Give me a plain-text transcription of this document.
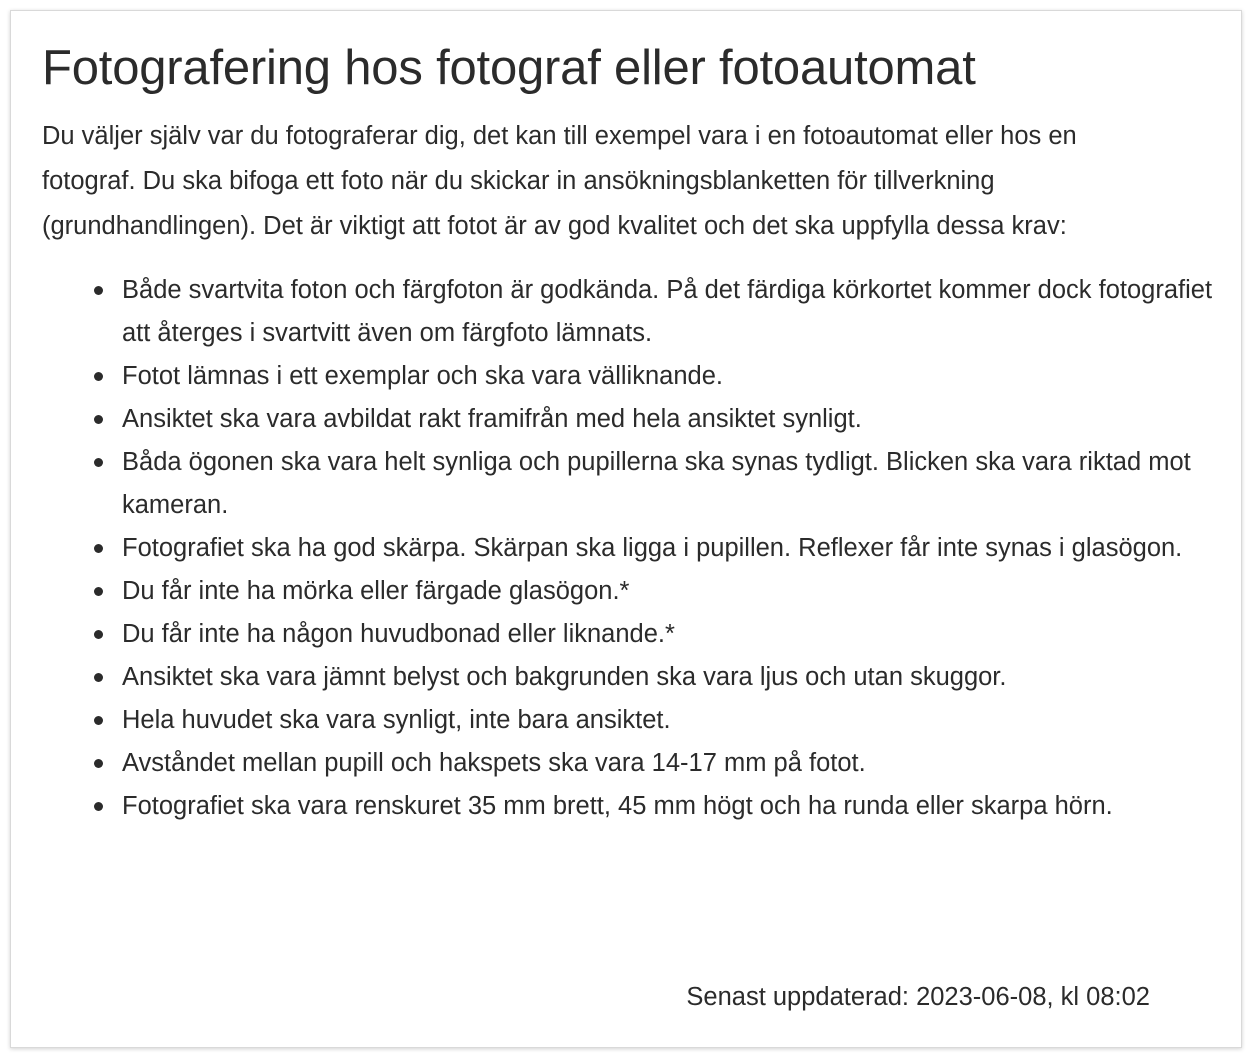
Fotografering hos fotograf eller fotoautomat

Du väljer själv var du fotograferar dig, det kan till exempel vara i en fotoautomat eller hos en fotograf. Du ska bifoga ett foto när du skickar in ansökningsblanketten för tillverkning (grundhandlingen). Det är viktigt att fotot är av god kvalitet och det ska uppfylla dessa krav:

Både svartvita foton och färgfoton är godkända. På det färdiga körkortet kommer dock fotografiet att återges i svartvitt även om färgfoto lämnats.
Fotot lämnas i ett exemplar och ska vara välliknande.
Ansiktet ska vara avbildat rakt framifrån med hela ansiktet synligt.
Båda ögonen ska vara helt synliga och pupillerna ska synas tydligt. Blicken ska vara riktad mot kameran.
Fotografiet ska ha god skärpa. Skärpan ska ligga i pupillen. Reflexer får inte synas i glasögon.
Du får inte ha mörka eller färgade glasögon.*
Du får inte ha någon huvudbonad eller liknande.*
Ansiktet ska vara jämnt belyst och bakgrunden ska vara ljus och utan skuggor.
Hela huvudet ska vara synligt, inte bara ansiktet.
Avståndet mellan pupill och hakspets ska vara 14-17 mm på fotot.
Fotografiet ska vara renskuret 35 mm brett, 45 mm högt och ha runda eller skarpa hörn.
Senast uppdaterad: 2023-06-08, kl 08:02
